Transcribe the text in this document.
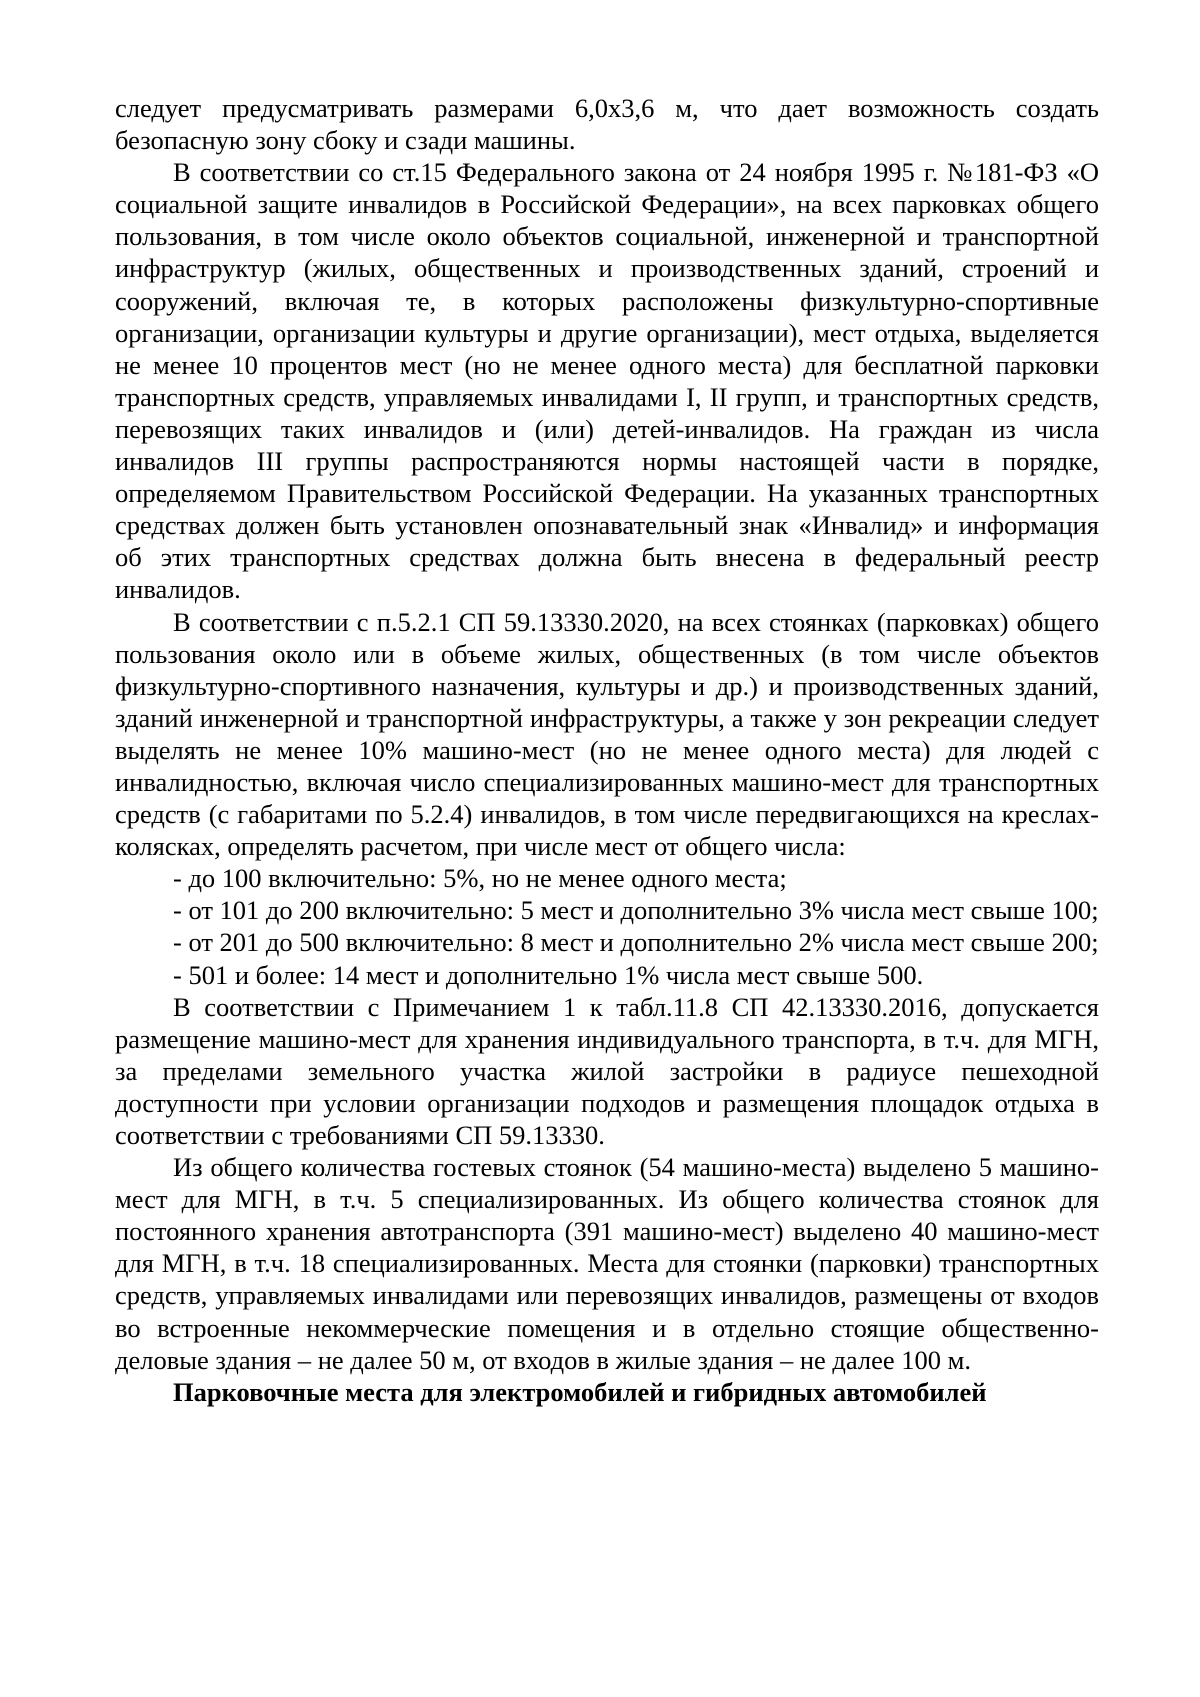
следует предусматривать размерами 6,0х3,6 м, что дает возможность создать безопасную зону сбоку и сзади машины.

В соответствии со ст.15 Федерального закона от 24 ноября 1995 г. №181-ФЗ «О социальной защите инвалидов в Российской Федерации», на всех парковках общего пользования, в том числе около объектов социальной, инженерной и транспортной инфраструктур (жилых, общественных и производственных зданий, строений и сооружений, включая те, в которых расположены физкультурно-спортивные организации, организации культуры и другие организации), мест отдыха, выделяется не менее 10 процентов мест (но не менее одного места) для бесплатной парковки транспортных средств, управляемых инвалидами I, II групп, и транспортных средств, перевозящих таких инвалидов и (или) детей-инвалидов. На граждан из числа инвалидов III группы распространяются нормы настоящей части в порядке, определяемом Правительством Российской Федерации. На указанных транспортных средствах должен быть установлен опознавательный знак «Инвалид» и информация об этих транспортных средствах должна быть внесена в федеральный реестр инвалидов.

В соответствии с п.5.2.1 СП 59.13330.2020, на всех стоянках (парковках) общего пользования около или в объеме жилых, общественных (в том числе объектов физкультурно-спортивного назначения, культуры и др.) и производственных зданий, зданий инженерной и транспортной инфраструктуры, а также у зон рекреации следует выделять не менее 10% машино-мест (но не менее одного места) для людей с инвалидностью, включая число специализированных машино-мест для транспортных средств (с габаритами по 5.2.4) инвалидов, в том числе передвигающихся на креслах-колясках, определять расчетом, при числе мест от общего числа:

- до 100 включительно: 5%, но не менее одного места;

- от 101 до 200 включительно: 5 мест и дополнительно 3% числа мест свыше 100;

- от 201 до 500 включительно: 8 мест и дополнительно 2% числа мест свыше 200;

- 501 и более: 14 мест и дополнительно 1% числа мест свыше 500.

В соответствии с Примечанием 1 к табл.11.8 СП 42.13330.2016, допускается размещение машино-мест для хранения индивидуального транспорта, в т.ч. для МГН, за пределами земельного участка жилой застройки в радиусе пешеходной доступности при условии организации подходов и размещения площадок отдыха в соответствии с требованиями СП 59.13330.

Из общего количества гостевых стоянок (54 машино-места) выделено 5 машино-мест для МГН, в т.ч. 5 специализированных. Из общего количества стоянок для постоянного хранения автотранспорта (391 машино-мест) выделено 40 машино-мест для МГН, в т.ч. 18 специализированных. Места для стоянки (парковки) транспортных средств, управляемых инвалидами или перевозящих инвалидов, размещены от входов во встроенные некоммерческие помещения и в отдельно стоящие общественно-деловые здания – не далее 50 м, от входов в жилые здания – не далее 100 м.

Парковочные места для электромобилей и гибридных автомобилей
